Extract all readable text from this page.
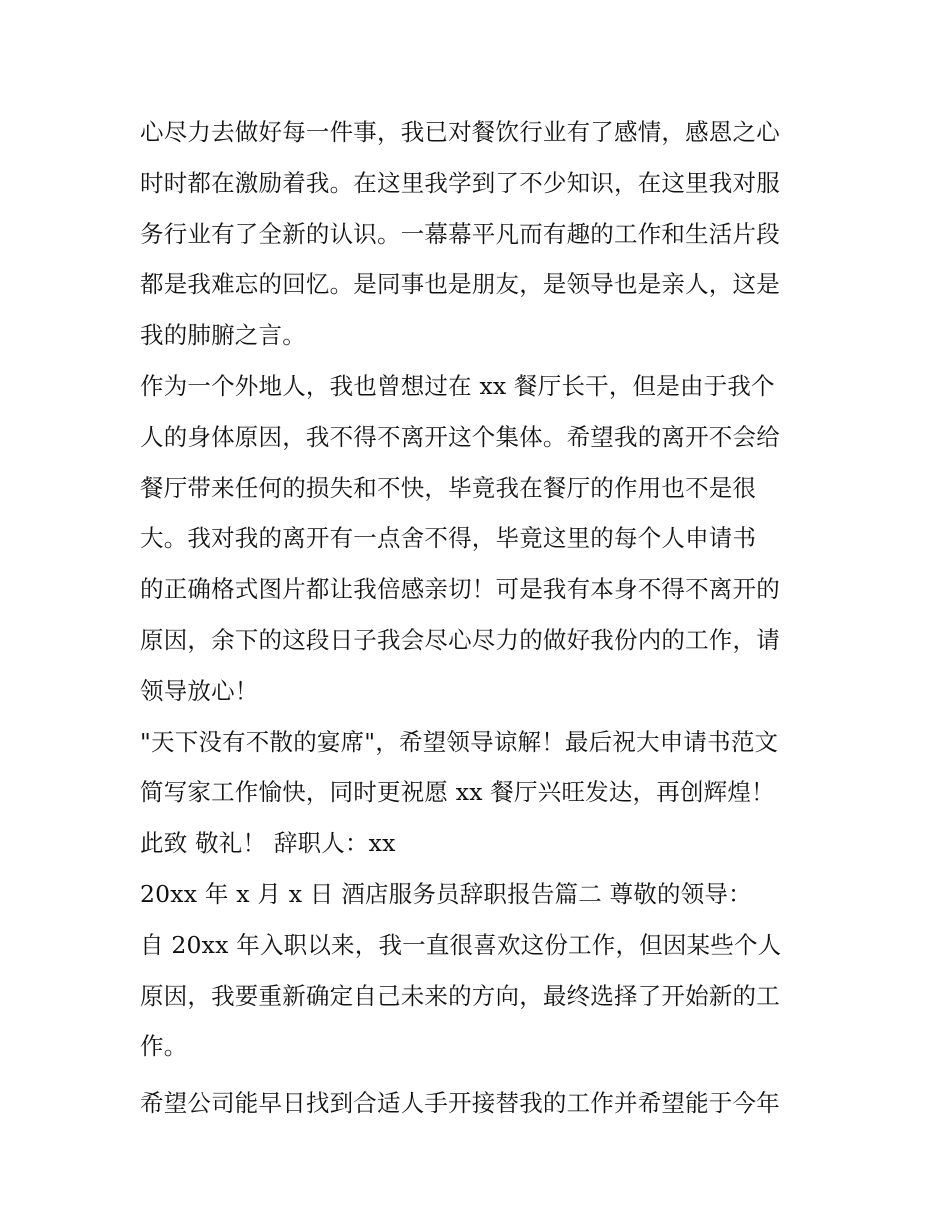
心尽力去做好每一件事，我已对餐饮行业有了感情，感恩之心
时时都在激励着我。在这里我学到了不少知识，在这里我对服
务行业有了全新的认识。一幕幕平凡而有趣的工作和生活片段
都是我难忘的回忆。是同事也是朋友，是领导也是亲人，这是
我的肺腑之言。
作为一个外地人，我也曾想过在 xx 餐厅长干，但是由于我个
人的身体原因，我不得不离开这个集体。希望我的离开不会给
餐厅带来任何的损失和不快，毕竟我在餐厅的作用也不是很
大。我对我的离开有一点舍不得，毕竟这里的每个人申请书
的正确格式图片都让我倍感亲切！可是我有本身不得不离开的
原因，余下的这段日子我会尽心尽力的做好我份内的工作，请
领导放心！
"天下没有不散的宴席"，希望领导谅解！最后祝大申请书范文
简写家工作愉快，同时更祝愿 xx 餐厅兴旺发达，再创辉煌！
此致 敬礼！ 辞职人：xx
20xx 年 x 月 x 日 酒店服务员辞职报告篇二 尊敬的领导：
自 20xx 年入职以来，我一直很喜欢这份工作，但因某些个人
原因，我要重新确定自己未来的方向，最终选择了开始新的工
作。
希望公司能早日找到合适人手开接替我的工作并希望能于今年
